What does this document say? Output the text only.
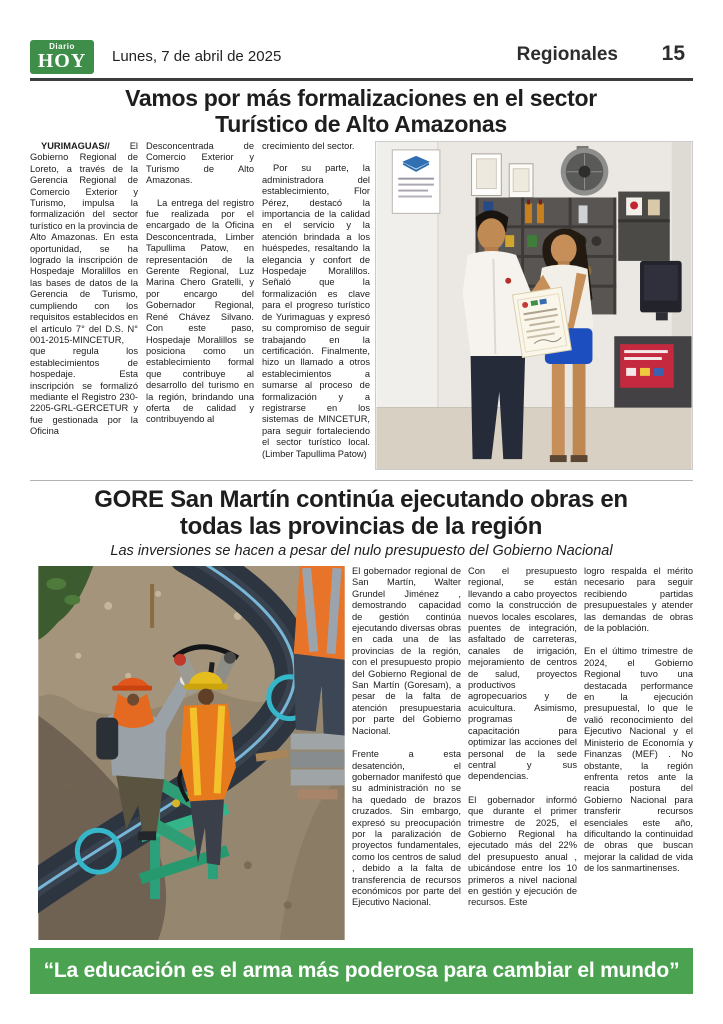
Diario
HOY	Lunes, 7 de abril de 2025	Regionales 15
Vamos por más formalizaciones en el sector Turístico de Alto Amazonas

YURIMAGUAS// El Gobierno Regional de Loreto, a través de la Gerencia Regional de Comercio Exterior y Turismo, impulsa la formalización del sector turístico en la provincia de Alto Amazonas. En esta oportunidad, se ha logrado la inscripción de Hospedaje Moralillos en las bases de datos de la Gerencia de Turismo, cumpliendo con los requisitos establecidos en el artículo 7° del D.S. N° 001-2015-MINCETUR, que regula los establecimientos de hospedaje. Esta inscripción se formalizó mediante el Registro 230-2205-GRL-GERCETUR y fue gestionada por la Oficina

Desconcentrada de Comercio Exterior y Turismo de Alto Amazonas.

La entrega del registro fue realizada por el encargado de la Oficina Desconcentrada, Limber Tapullima Patow, en representación de la Gerente Regional, Luz Marina Chero Gratelli, y por encargo del Gobernador Regional, René Chávez Silvano. Con este paso, Hospedaje Moralillos se posiciona como un establecimiento formal que contribuye al desarrollo del turismo en la región, brindando una oferta de calidad y contribuyendo al

crecimiento del sector.

Por su parte, la administradora del establecimiento, Flor Pérez, destacó la importancia de la calidad en el servicio y la atención brindada a los huéspedes, resaltando la elegancia y confort de Hospedaje Moralillos. Señaló que la formalización es clave para el progreso turístico de Yurimaguas y expresó su compromiso de seguir trabajando en la certificación. Finalmente, hizo un llamado a otros establecimientos a sumarse al proceso de formalización y a registrarse en los sistemas de MINCETUR, para seguir fortaleciendo el sector turístico local. (Limber Tapullima Patow)

GORE San Martín continúa ejecutando obras en todas las provincias de la región

Las inversiones se hacen a pesar del nulo presupuesto del Gobierno Nacional

El gobernador regional de San Martín, Walter Grundel Jiménez , demostrando capacidad de gestión continúa ejecutando diversas obras en cada una de las provincias de la región, con el presupuesto propio del Gobierno Regional de San Martín (Goresam), a pesar de la falta de atención presupuestaria por parte del Gobierno Nacional.

Frente a esta desatención, el gobernador manifestó que su administración no se ha quedado de brazos cruzados. Sin embargo, expresó su preocupación por la paralización de proyectos fundamentales, como los centros de salud , debido a la falta de transferencia de recursos económicos por parte del Ejecutivo Nacional.

Con el presupuesto regional, se están llevando a cabo proyectos como la construcción de nuevos locales escolares, puentes de integración, asfaltado de carreteras, canales de irrigación, mejoramiento de centros de salud, proyectos productivos agropecuarios y de acuicultura. Asimismo, programas de capacitación para optimizar las acciones del personal de la sede central y sus dependencias.

El gobernador informó que durante el primer trimestre de 2025, el Gobierno Regional ha ejecutado más del 22% del presupuesto anual , ubicándose entre los 10 primeros a nivel nacional en gestión y ejecución de recursos. Este

logro respalda el mérito necesario para seguir recibiendo partidas presupuestales y atender las demandas de obras de la población.

En el último trimestre de 2024, el Gobierno Regional tuvo una destacada performance en la ejecución presupuestal, lo que le valió reconocimiento del Ejecutivo Nacional y el Ministerio de Economía y Finanzas (MEF) . No obstante, la región enfrenta retos ante la reacia postura del Gobierno Nacional para transferir recursos esenciales este año, dificultando la continuidad de obras que buscan mejorar la calidad de vida de los sanmartinenses.

“La educación es el arma más poderosa para cambiar el mundo”
